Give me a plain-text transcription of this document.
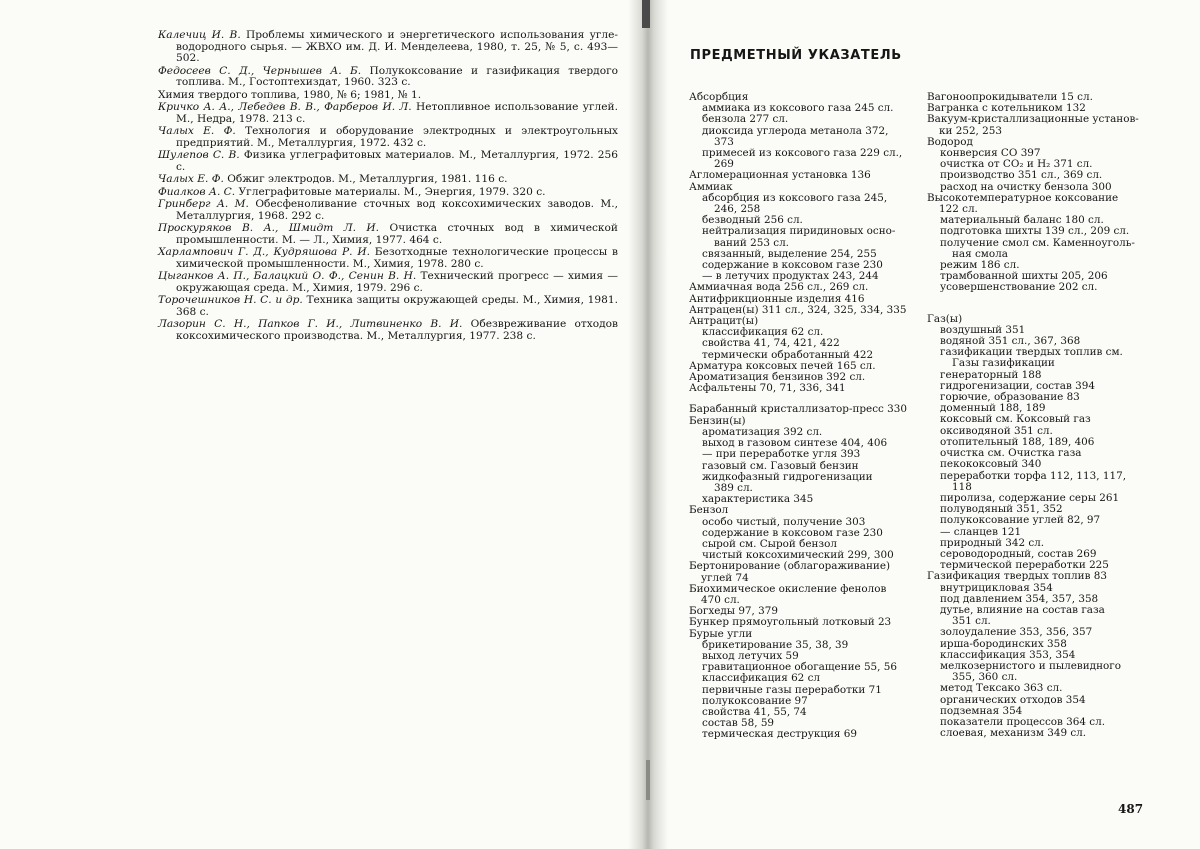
Калечиц И. В. Проблемы химического и энергетического использования угле-водородного сырья. — ЖВХО им. Д. И. Менделеева, 1980, т. 25, № 5, с. 493—502.
Федосеев С. Д., Чернышев А. Б. Полукоксование и газификация твердого топлива. М., Гостоптехиздат, 1960. 323 с.
Химия твердого топлива, 1980, № 6; 1981, № 1.
Кричко А. А., Лебедев В. В., Фарберов И. Л. Нетопливное использование углей. М., Недра, 1978. 213 с.
Чалых Е. Ф. Технология и оборудование электродных и электроугольных предприятий. М., Металлургия, 1972. 432 с.
Шулепов С. В. Физика углеграфитовых материалов. М., Металлургия, 1972. 256 с.
Чалых Е. Ф. Обжиг электродов. М., Металлургия, 1981. 116 с.
Фиалков А. С. Углеграфитовые материалы. М., Энергия, 1979. 320 с.
Гринберг А. М. Обесфеноливание сточных вод коксохимических заводов. М., Металлургия, 1968. 292 с.
Проскуряков В. А., Шмидт Л. И. Очистка сточных вод в химической промышленности. М. — Л., Химия, 1977. 464 с.
Харлампович Г. Д., Кудряшова Р. И. Безотходные технологические процессы в химической промышленности. М., Химия, 1978. 280 с.
Цыганков А. П., Балацкий О. Ф., Сенин В. Н. Технический прогресс — химия — окружающая среда. М., Химия, 1979. 296 с.
Торочешников Н. С. и др. Техника защиты окружающей среды. М., Химия, 1981. 368 с.
Лазорин С. Н., Папков Г. И., Литвиненко В. И. Обезвреживание отходов коксохимического производства. М., Металлургия, 1977. 238 с.
ПРЕДМЕТНЫЙ УКАЗАТЕЛЬ
Абсорбция
аммиака из коксового газа 245 сл.
бензола 277 сл.
диоксида углерода метанола 372,
373
примесей из коксового газа 229 сл.,
269
Агломерационная установка 136
Аммиак
абсорбция из коксового газа 245,
246, 258
безводный 256 сл.
нейтрализация пиридиновых осно-
ваний 253 сл.
связанный, выделение 254, 255
содержание в коксовом газе 230
— в летучих продуктах 243, 244
Аммиачная вода 256 сл., 269 сл.
Антифрикционные изделия 416
Антрацен(ы) 311 сл., 324, 325, 334, 335
Антрацит(ы)
классификация 62 сл.
свойства 41, 74, 421, 422
термически обработанный 422
Арматура коксовых печей 165 сл.
Ароматизация бензинов 392 сл.
Асфальтены 70, 71, 336, 341
Барабанный кристаллизатор-пресс 330
Бензин(ы)
ароматизация 392 сл.
выход в газовом синтезе 404, 406
— при переработке угля 393
газовый см. Газовый бензин
жидкофазный гидрогенизации
389 сл.
характеристика 345
Бензол
особо чистый, получение 303
содержание в коксовом газе 230
сырой см. Сырой бензол
чистый коксохимический 299, 300
Бертонирование (облагораживание)
углей 74
Биохимическое окисление фенолов
470 сл.
Богхеды 97, 379
Бункер прямоугольный лотковый 23
Бурые угли
брикетирование 35, 38, 39
выход летучих 59
гравитационное обогащение 55, 56
классификация 62 сл
первичные газы переработки 71
полукоксование 97
свойства 41, 55, 74
состав 58, 59
термическая деструкция 69
Вагоноопрокидыватели 15 сл.
Вагранка с котельником 132
Вакуум-кристаллизационные установ-
ки 252, 253
Водород
конверсия СО 397
очистка от CO₂ и H₂ 371 сл.
производство 351 сл., 369 сл.
расход на очистку бензола 300
Высокотемпературное коксование
122 сл.
материальный баланс 180 сл.
подготовка шихты 139 сл., 209 сл.
получение смол см. Каменноуголь-
ная смола
режим 186 сл.
трамбованной шихты 205, 206
усовершенствование 202 сл.
Газ(ы)
воздушный 351
водяной 351 сл., 367, 368
газификации твердых топлив см.
Газы газификации
генераторный 188
гидрогенизации, состав 394
горючие, образование 83
доменный 188, 189
коксовый см. Коксовый газ
оксиводяной 351 сл.
отопительный 188, 189, 406
очистка см. Очистка газа
пекококсовый 340
переработки торфа 112, 113, 117,
118
пиролиза, содержание серы 261
полуводяный 351, 352
полукоксование углей 82, 97
— сланцев 121
природный 342 сл.
сероводородный, состав 269
термической переработки 225
Газификация твердых топлив 83
внутрицикловая 354
под давлением 354, 357, 358
дутье, влияние на состав газа
351 сл.
золоудаление 353, 356, 357
ирша-бородинских 358
классификация 353, 354
мелкозернистого и пылевидного
355, 360 сл.
метод Тексако 363 сл.
органических отходов 354
подземная 354
показатели процессов 364 сл.
слоевая, механизм 349 сл.
487
